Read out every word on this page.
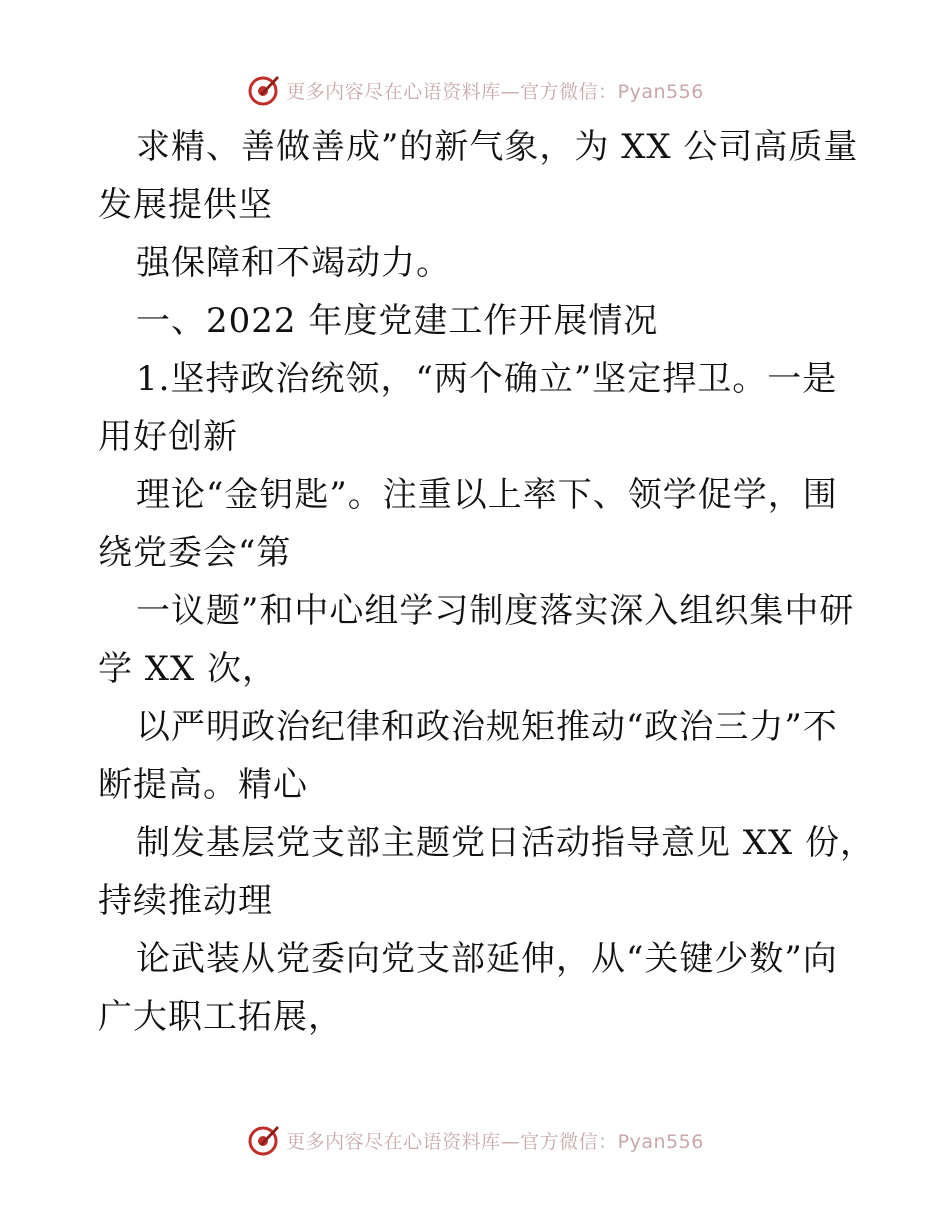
更多内容尽在心语资料库—官方微信：Pyan556

求精、善做善成”的新气象，为 XX 公司高质量
发展提供坚

强保障和不竭动力。

一、2022 年度党建工作开展情况

1.坚持政治统领，“两个确立”坚定捍卫。一是
用好创新

理论“金钥匙”。注重以上率下、领学促学，围
绕党委会“第

一议题”和中心组学习制度落实深入组织集中研
学 XX 次，

以严明政治纪律和政治规矩推动“政治三力”不
断提高。精心

制发基层党支部主题党日活动指导意见 XX 份，
持续推动理

论武装从党委向党支部延伸，从“关键少数”向
广大职工拓展，

更多内容尽在心语资料库—官方微信：Pyan556
